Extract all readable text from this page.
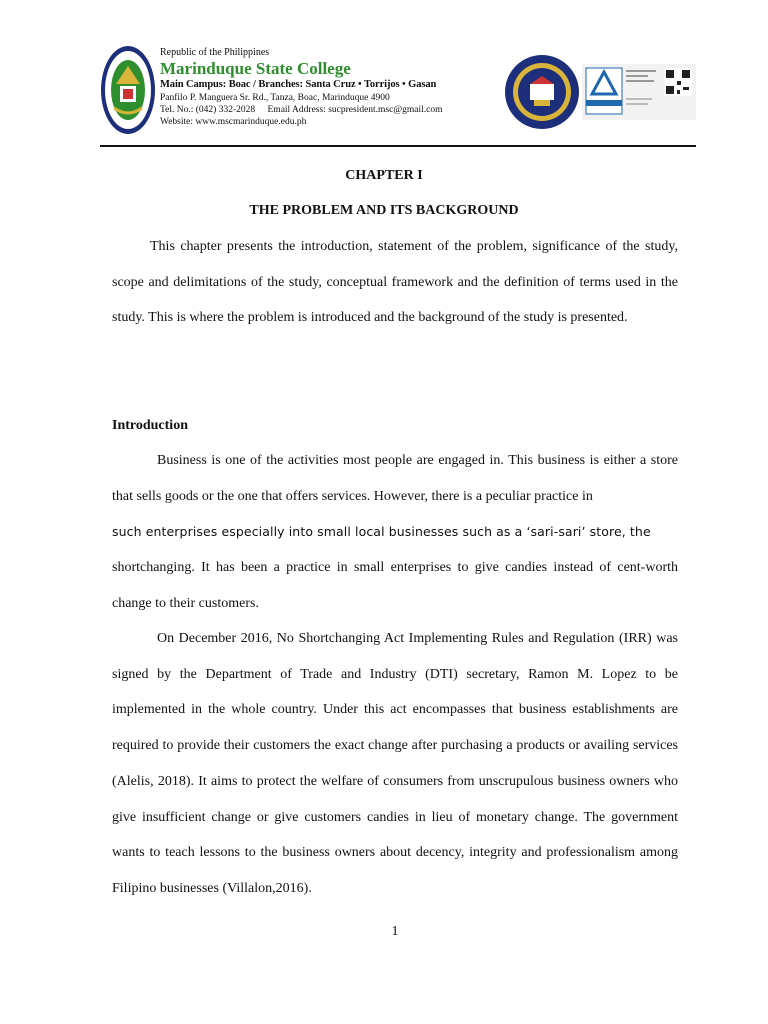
Republic of the Philippines
Marinduque State College
Main Campus: Boac / Branches: Santa Cruz • Torrijos • Gasan
Panfilo P. Manguera Sr. Rd., Tanza, Boac, Marinduque 4900
Tel. No.: (042) 332-2028 Email Address: sucpresident.msc@gmail.com
Website: www.mscmarinduque.edu.ph
CHAPTER I
THE PROBLEM AND ITS BACKGROUND

This chapter presents the introduction, statement of the problem, significance of the study, scope and delimitations of the study, conceptual framework and the definition of terms used in the study. This is where the problem is introduced and the background of the study is presented.

Introduction

Business is one of the activities most people are engaged in. This business is either a store that sells goods or the one that offers services. However, there is a peculiar practice in

such enterprises especially into small local businesses such as a ‘sari-sari’ store, the

shortchanging. It has been a practice in small enterprises to give candies instead of cent-worth change to their customers.

On December 2016, No Shortchanging Act Implementing Rules and Regulation (IRR) was signed by the Department of Trade and Industry (DTI) secretary, Ramon M. Lopez to be implemented in the whole country. Under this act encompasses that business establishments are required to provide their customers the exact change after purchasing a products or availing services (Alelis, 2018). It aims to protect the welfare of consumers from unscrupulous business owners who give insufficient change or give customers candies in lieu of monetary change. The government wants to teach lessons to the business owners about decency, integrity and professionalism among Filipino businesses (Villalon,2016).

1
